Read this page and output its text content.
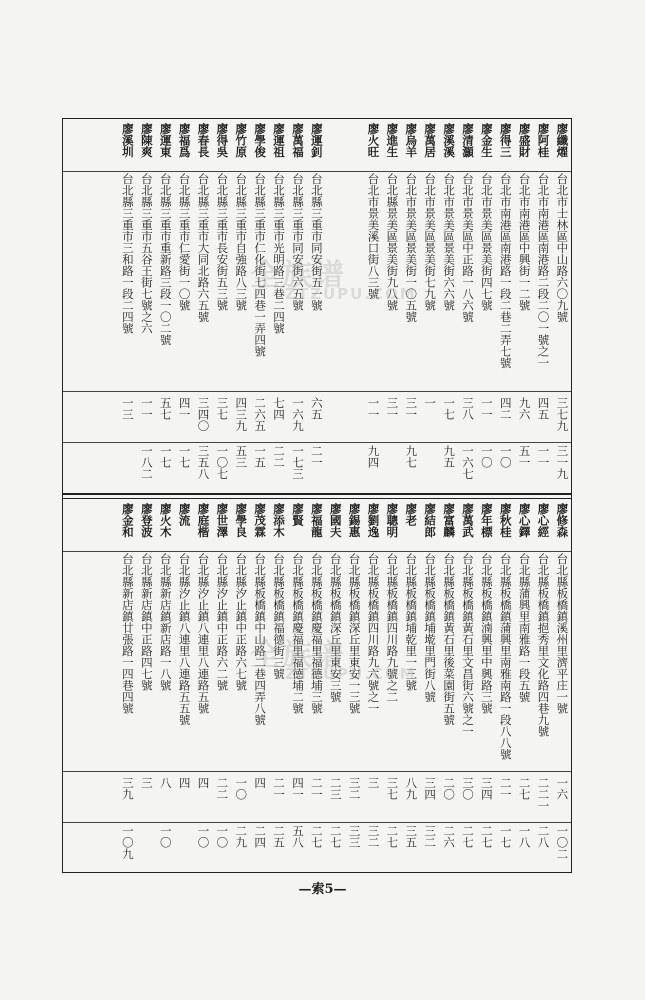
廖纖燿
台北市士林區中山路六〇九號
三七九
三一九
廖阿桂
台北市南港區南港路二段二〇一號之一
四五
一一
廖盛財
台北市南港區中興街一二號
九六
五一
廖得三
台北市南港區南港路一段二巷二弄七號
四二
一〇
廖金生
台北市景美區景美街四七號
一一
一〇
廖清灝
台北市景美區中正路一八六號
三八
一六七
廖溪溪
台北市景美區景美街六六號
一七
九五
廖萬居
台北市景美區景美街七九號
一
廖烏羊
台北市景美區景美街一〇五號
三一
九七
廖進生
台北縣景美區景美街九八號
三一
廖火旺
台北市景美溪口街八三號
一一
九四
廖運釗
台北縣三重市同安街五一號
六五
二一
廖萬福
台北縣三重市同安街六五號
一六九
一七三
廖運祖
台北縣三重市光明路三巷二四號
七四
二二
廖學俊
台北縣三重市仁化街七四巷一弄四號
二六五
一五
廖竹原
台北縣三重市自強路八三號
四三九
五三
廖得吳
台北縣三重市長安街五三號
三七
一〇七
廖春長
台北縣三重市大同北路六五號
三四〇
三五八
廖福爲
台北縣三重市仁愛街一〇號
四一
一七
廖運東
台北縣三重市重新路三段一〇二號
五七
一七
廖陳爽
台北縣三重市五谷王街七號之六
一一
一八二
廖溪圳
台北縣三重市三和路一段二四號
一三
廖修森
台北縣板橋鎮溪州里濟平庄一號
一六
一〇二
廖心經
台北縣板橋鎮挹秀里文化路四巷九號
二二一
二八
廖心鐸
台北縣蒲興里南雅路一段五號
二七
一八
廖秋桂
台北縣板橋鎮蒲興里南雅南路一段八八號
二一
一七
廖年標
台北縣板橋鎮湳興里中興路三號
三四
二七
廖萬武
台北縣板橋鎮黃石里文昌街六號之一
三〇
二七
廖富麟
台北縣板橋鎮黃石里後菜園街五號
二〇
二六
廖結郎
台北縣板橋鎮埔墘里門街八號
三四
三二
廖老
台北縣板橋鎮埔乾里一三號
八九
三五
廖聰明
台北縣板橋鎮四川路九號之二
三七
二七
廖劉逸
台北縣板橋鎮四川路九六號之一
三
三二
廖錫惠
台北縣板橋鎮深丘里東安一三號
三二
三三
廖國夫
台北縣板橋鎮深丘里東安三號
二三
二七
廖福龍
台北縣板橋鎮慶福里福德埔三號
二一
二七
廖賢
台北縣板橋鎮慶福里福德埔二號
四一
五八
廖添木
台北縣板橋鎮福德街三號
二一
二五
廖茂霖
台北縣板橋鎮中山路二巷四弄八號
四
二四
廖學良
台北縣汐止鎮中正路六七號
一〇
二九
廖世澤
台北縣汐止鎮中正路六二號
二二
一〇
廖庭楷
台北縣汐止鎮八連里八連路五號
四
一〇
廖流
台北縣汐止鎮八連里八連路五五號
四
廖火木
台北縣新店鎮新店路一八號
八
一〇
廖登波
台北縣新店鎮中正路四七號
三
廖金和
台北縣新店鎮廿張路一四巷四號
三九
一〇九
全族谱
ZTZUPU.COM
全族谱
ZTZUPU.COM
—索5—
